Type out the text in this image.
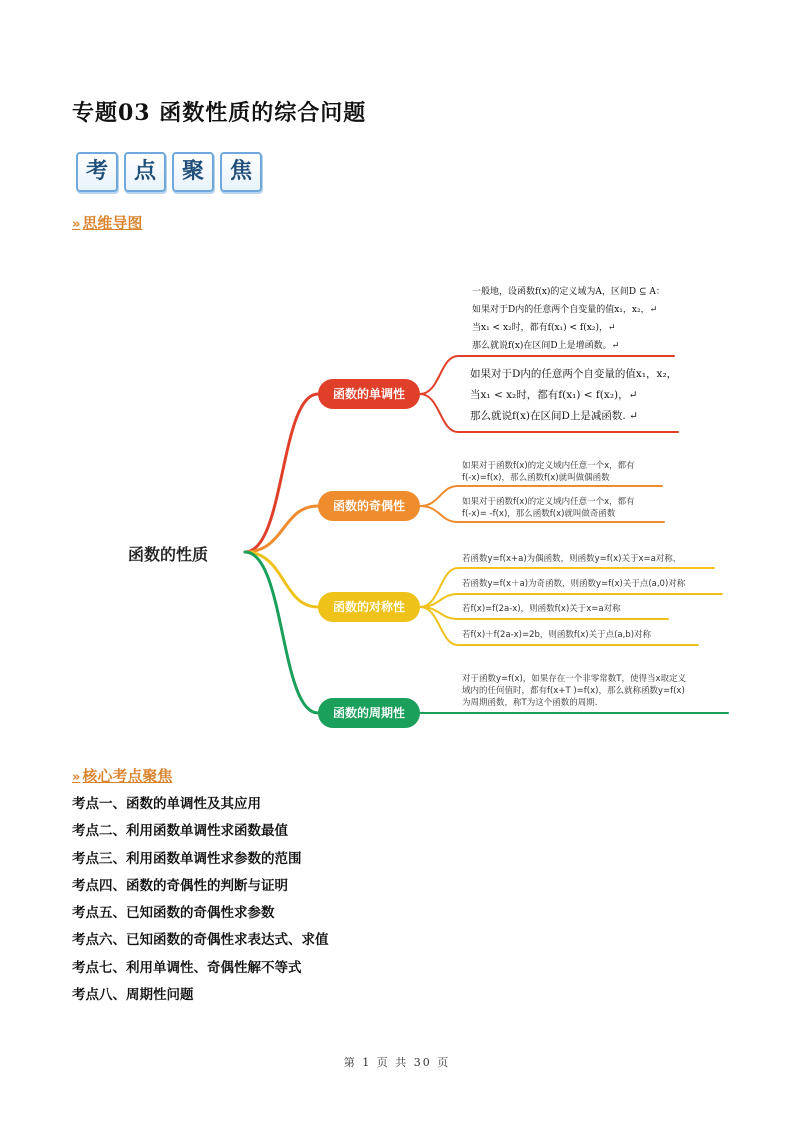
专题03 函数性质的综合问题
考	点	聚	焦
» 思维导图
函数的性质
函数的单调性
函数的奇偶性
函数的对称性
函数的周期性
一般地，设函数f(x)的定义域为A，区间D ⊆ A：
如果对于D内的任意两个自变量的值x₁，x₂，↵
当x₁ < x₂时，都有f(x₁) < f(x₂)，↵
那么就说f(x)在区间D上是增函数。↵
如果对于D内的任意两个自变量的值x₁，x₂，
当x₁ < x₂时，都有f(x₁) < f(x₂)，↵
那么就说f(x)在区间D上是减函数. ↵
如果对于函数f(x)的定义域内任意一个x，都有
f(-x)=f(x)，那么函数f(x)就叫做偶函数
如果对于函数f(x)的定义域内任意一个x，都有
f(-x)= -f(x)，那么函数f(x)就叫做奇函数
若函数y=f(x+a)为偶函数，则函数y=f(x)关于x=a对称，
若函数y=f(x＋a)为奇函数，则函数y=f(x)关于点(a,0)对称
若f(x)=f(2a-x)，则函数f(x)关于x=a对称
若f(x)＋f(2a-x)=2b，则函数f(x)关于点(a,b)对称
对于函数y=f(x)，如果存在一个非零常数T，使得当x取定义
域内的任何值时，都有f(x+T )=f(x)，那么就称函数y=f(x)
为周期函数，称T为这个函数的周期.
» 核心考点聚焦
考点一、函数的单调性及其应用
考点二、利用函数单调性求函数最值
考点三、利用函数单调性求参数的范围
考点四、函数的奇偶性的判断与证明
考点五、已知函数的奇偶性求参数
考点六、已知函数的奇偶性求表达式、求值
考点七、利用单调性、奇偶性解不等式
考点八、周期性问题
第 1 页 共 30 页
